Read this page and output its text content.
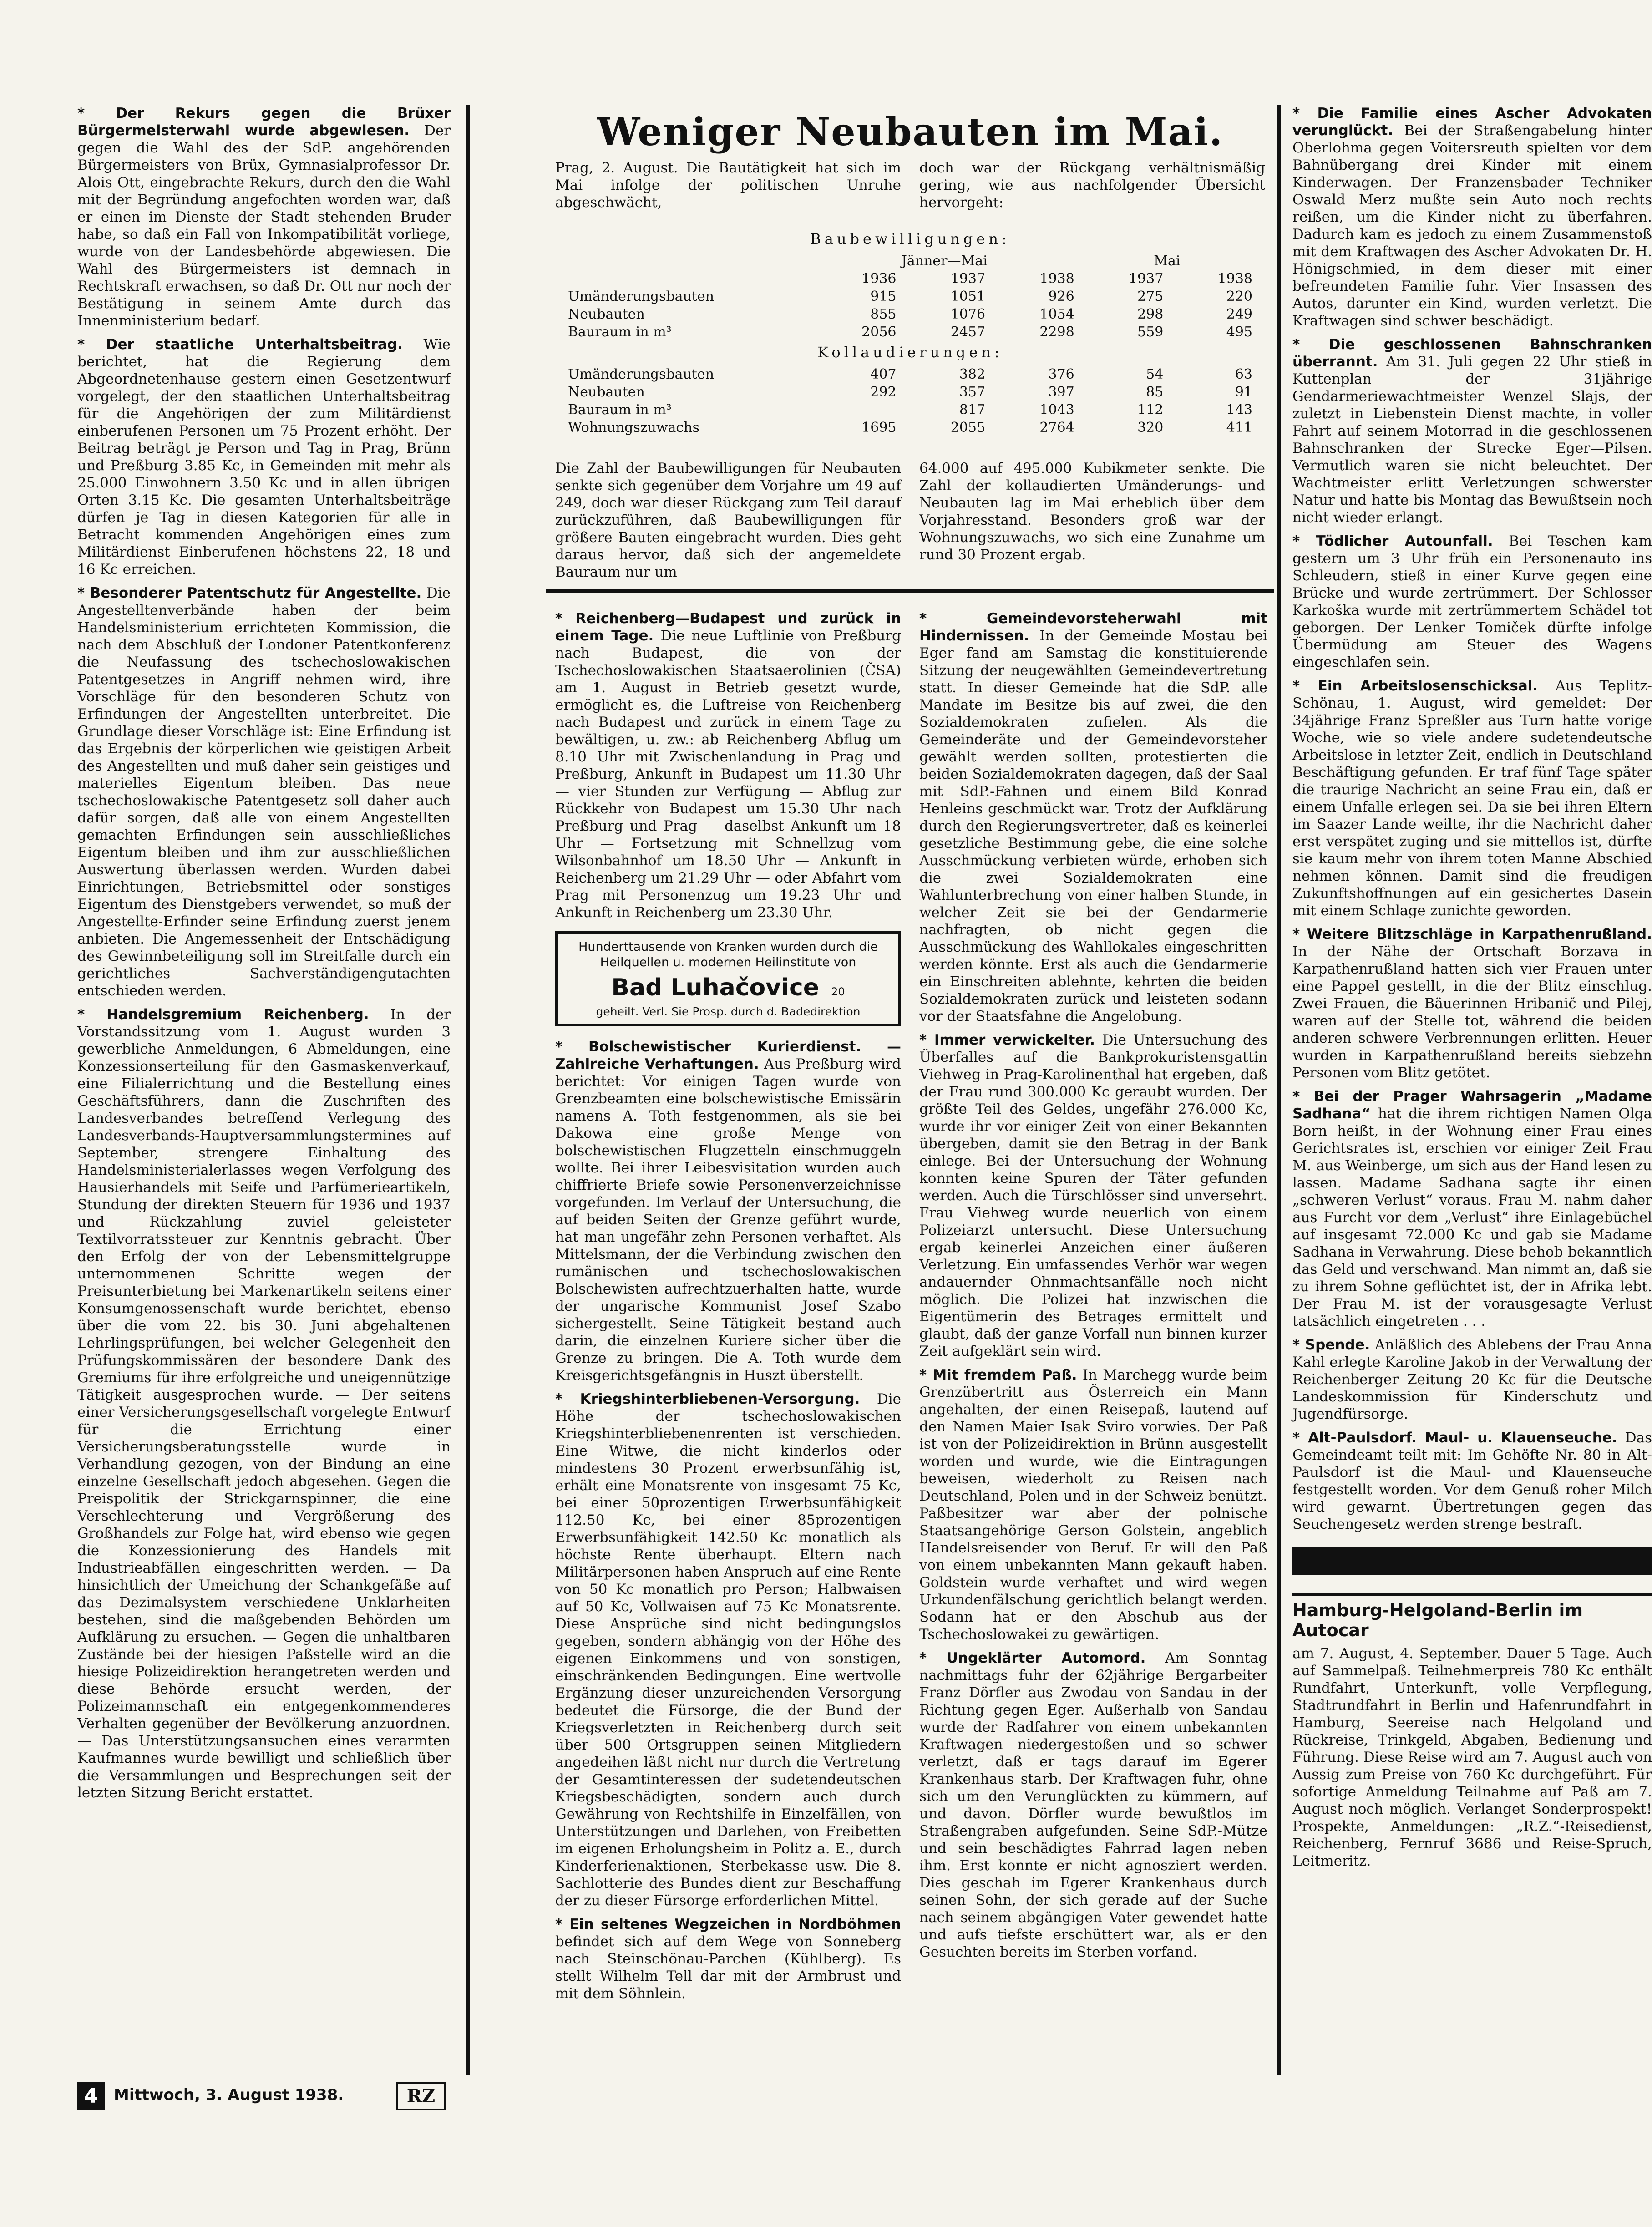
* Der Rekurs gegen die Brüxer Bürgermeisterwahl wurde abgewiesen. Der gegen die Wahl des der SdP. angehörenden Bürgermeisters von Brüx, Gymnasialprofessor Dr. Alois Ott, eingebrachte Rekurs, durch den die Wahl mit der Begründung angefochten worden war, daß er einen im Dienste der Stadt stehenden Bruder habe, so daß ein Fall von Inkompatibilität vorliege, wurde von der Landesbehörde abgewiesen. Die Wahl des Bürgermeisters ist demnach in Rechtskraft erwachsen, so daß Dr. Ott nur noch der Bestätigung in seinem Amte durch das Innenministerium bedarf.

* Der staatliche Unterhaltsbeitrag. Wie berichtet, hat die Regierung dem Abgeordnetenhause gestern einen Gesetzentwurf vorgelegt, der den staatlichen Unterhaltsbeitrag für die Angehörigen der zum Militärdienst einberufenen Personen um 75 Prozent erhöht. Der Beitrag beträgt je Person und Tag in Prag, Brünn und Preßburg 3.85 Kc, in Gemeinden mit mehr als 25.000 Einwohnern 3.50 Kc und in allen übrigen Orten 3.15 Kc. Die gesamten Unterhaltsbeiträge dürfen je Tag in diesen Kategorien für alle in Betracht kommenden Angehörigen eines zum Militärdienst Einberufenen höchstens 22, 18 und 16 Kc erreichen.

* Besonderer Patentschutz für Angestellte. Die Angestelltenverbände haben der beim Handelsministerium errichteten Kommission, die nach dem Abschluß der Londoner Patentkonferenz die Neufassung des tschechoslowakischen Patentgesetzes in Angriff nehmen wird, ihre Vorschläge für den besonderen Schutz von Erfindungen der Angestellten unterbreitet. Die Grundlage dieser Vorschläge ist: Eine Erfindung ist das Ergebnis der körperlichen wie geistigen Arbeit des Angestellten und muß daher sein geistiges und materielles Eigentum bleiben. Das neue tschechoslowakische Patentgesetz soll daher auch dafür sorgen, daß alle von einem Angestellten gemachten Erfindungen sein ausschließliches Eigentum bleiben und ihm zur ausschließlichen Auswertung überlassen werden. Wurden dabei Einrichtungen, Betriebsmittel oder sonstiges Eigentum des Dienstgebers verwendet, so muß der Angestellte-Erfinder seine Erfindung zuerst jenem anbieten. Die Angemessenheit der Entschädigung des Gewinnbeteiligung soll im Streitfalle durch ein gerichtliches Sachverständigengutachten entschieden werden.

* Handelsgremium Reichenberg. In der Vorstandssitzung vom 1. August wurden 3 gewerbliche Anmeldungen, 6 Abmeldungen, eine Konzessionserteilung für den Gasmaskenverkauf, eine Filialerrichtung und die Bestellung eines Geschäftsführers, dann die Zuschriften des Landesverbandes betreffend Verlegung des Landesverbands-Hauptversammlungstermines auf September, strengere Einhaltung des Handelsministerialerlasses wegen Verfolgung des Hausierhandels mit Seife und Parfümerieartikeln, Stundung der direkten Steuern für 1936 und 1937 und Rückzahlung zuviel geleisteter Textilvorratssteuer zur Kenntnis gebracht. Über den Erfolg der von der Lebensmittelgruppe unternommenen Schritte wegen der Preisunterbietung bei Markenartikeln seitens einer Konsumgenossenschaft wurde berichtet, ebenso über die vom 22. bis 30. Juni abgehaltenen Lehrlingsprüfungen, bei welcher Gelegenheit den Prüfungskommissären der besondere Dank des Gremiums für ihre erfolgreiche und uneigennützige Tätigkeit ausgesprochen wurde. — Der seitens einer Versicherungsgesellschaft vorgelegte Entwurf für die Errichtung einer Versicherungsberatungsstelle wurde in Verhandlung gezogen, von der Bindung an eine einzelne Gesellschaft jedoch abgesehen. Gegen die Preispolitik der Strickgarnspinner, die eine Verschlechterung und Vergrößerung des Großhandels zur Folge hat, wird ebenso wie gegen die Konzessionierung des Handels mit Industrieabfällen eingeschritten werden. — Da hinsichtlich der Umeichung der Schankgefäße auf das Dezimalsystem verschiedene Unklarheiten bestehen, sind die maßgebenden Behörden um Aufklärung zu ersuchen. — Gegen die unhaltbaren Zustände bei der hiesigen Paßstelle wird an die hiesige Polizeidirektion herangetreten werden und diese Behörde ersucht werden, der Polizeimannschaft ein entgegenkommenderes Verhalten gegenüber der Bevölkerung anzuordnen. — Das Unterstützungsansuchen eines verarmten Kaufmannes wurde bewilligt und schließlich über die Versammlungen und Besprechungen seit der letzten Sitzung Bericht erstattet.

Weniger Neubauten im Mai.

Prag, 2. August. Die Bautätigkeit hat sich im Mai infolge der politischen Unruhe abgeschwächt,

doch war der Rückgang verhältnismäßig gering, wie aus nachfolgender Übersicht hervorgeht:

Baubewilligungen:
	Jänner—Mai			Mai	
	1936	1937	1938	1937	1938
Umänderungsbauten	915	1051	926	275	220
Neubauten	855	1076	1054	298	249
Bauraum in m³	2056	2457	2298	559	495
Kollaudierungen:
Umänderungsbauten	407	382	376	54	63
Neubauten	292	357	397	85	91
Bauraum in m³		817	1043	112	143
Wohnungszuwachs	1695	2055	2764	320	411

Die Zahl der Baubewilligungen für Neubauten senkte sich gegenüber dem Vorjahre um 49 auf 249, doch war dieser Rückgang zum Teil darauf zurückzuführen, daß Baubewilligungen für größere Bauten eingebracht wurden. Dies geht daraus hervor, daß sich der angemeldete Bauraum nur um

64.000 auf 495.000 Kubikmeter senkte. Die Zahl der kollaudierten Umänderungs- und Neubauten lag im Mai erheblich über dem Vorjahresstand. Besonders groß war der Wohnungszuwachs, wo sich eine Zunahme um rund 30 Prozent ergab.

* Reichenberg—Budapest und zurück in einem Tage. Die neue Luftlinie von Preßburg nach Budapest, die von der Tschechoslowakischen Staatsaerolinien (ČSA) am 1. August in Betrieb gesetzt wurde, ermöglicht es, die Luftreise von Reichenberg nach Budapest und zurück in einem Tage zu bewältigen, u. zw.: ab Reichenberg Abflug um 8.10 Uhr mit Zwischenlandung in Prag und Preßburg, Ankunft in Budapest um 11.30 Uhr — vier Stunden zur Verfügung — Abflug zur Rückkehr von Budapest um 15.30 Uhr nach Preßburg und Prag — daselbst Ankunft um 18 Uhr — Fortsetzung mit Schnellzug vom Wilsonbahnhof um 18.50 Uhr — Ankunft in Reichenberg um 21.29 Uhr — oder Abfahrt vom Prag mit Personenzug um 19.23 Uhr und Ankunft in Reichenberg um 23.30 Uhr.

Hunderttausende von Kranken wurden durch die Heilquellen u. modernen Heilinstitute von
Bad Luhačovice 20
geheilt. Verl. Sie Prosp. durch d. Badedirektion

* Bolschewistischer Kurierdienst. — Zahlreiche Verhaftungen. Aus Preßburg wird berichtet: Vor einigen Tagen wurde von Grenzbeamten eine bolschewistische Emissärin namens A. Toth festgenommen, als sie bei Dakowa eine große Menge von bolschewistischen Flugzetteln einschmuggeln wollte. Bei ihrer Leibesvisitation wurden auch chiffrierte Briefe sowie Personenverzeichnisse vorgefunden. Im Verlauf der Untersuchung, die auf beiden Seiten der Grenze geführt wurde, hat man ungefähr zehn Personen verhaftet. Als Mittelsmann, der die Verbindung zwischen den rumänischen und tschechoslowakischen Bolschewisten aufrechtzuerhalten hatte, wurde der ungarische Kommunist Josef Szabo sichergestellt. Seine Tätigkeit bestand auch darin, die einzelnen Kuriere sicher über die Grenze zu bringen. Die A. Toth wurde dem Kreisgerichtsgefängnis in Huszt überstellt.

* Kriegshinterbliebenen-Versorgung. Die Höhe der tschechoslowakischen Kriegshinterbliebenenrenten ist verschieden. Eine Witwe, die nicht kinderlos oder mindestens 30 Prozent erwerbsunfähig ist, erhält eine Monatsrente von insgesamt 75 Kc, bei einer 50prozentigen Erwerbsunfähigkeit 112.50 Kc, bei einer 85prozentigen Erwerbsunfähigkeit 142.50 Kc monatlich als höchste Rente überhaupt. Eltern nach Militärpersonen haben Anspruch auf eine Rente von 50 Kc monatlich pro Person; Halbwaisen auf 50 Kc, Vollwaisen auf 75 Kc Monatsrente. Diese Ansprüche sind nicht bedingungslos gegeben, sondern abhängig von der Höhe des eigenen Einkommens und von sonstigen, einschränkenden Bedingungen. Eine wertvolle Ergänzung dieser unzureichenden Versorgung bedeutet die Fürsorge, die der Bund der Kriegsverletzten in Reichenberg durch seit über 500 Ortsgruppen seinen Mitgliedern angedeihen läßt nicht nur durch die Vertretung der Gesamtinteressen der sudetendeutschen Kriegsbeschädigten, sondern auch durch Gewährung von Rechtshilfe in Einzelfällen, von Unterstützungen und Darlehen, von Freibetten im eigenen Erholungsheim in Politz a. E., durch Kinderferienaktionen, Sterbekasse usw. Die 8. Sachlotterie des Bundes dient zur Beschaffung der zu dieser Fürsorge erforderlichen Mittel.

* Ein seltenes Wegzeichen in Nordböhmen befindet sich auf dem Wege von Sonneberg nach Steinschönau-Parchen (Kühlberg). Es stellt Wilhelm Tell dar mit der Armbrust und mit dem Söhnlein.

* Gemeindevorsteherwahl mit Hindernissen. In der Gemeinde Mostau bei Eger fand am Samstag die konstituierende Sitzung der neugewählten Gemeindevertretung statt. In dieser Gemeinde hat die SdP. alle Mandate im Besitze bis auf zwei, die den Sozialdemokraten zufielen. Als die Gemeinderäte und der Gemeindevorsteher gewählt werden sollten, protestierten die beiden Sozialdemokraten dagegen, daß der Saal mit SdP.-Fahnen und einem Bild Konrad Henleins geschmückt war. Trotz der Aufklärung durch den Regierungsvertreter, daß es keinerlei gesetzliche Bestimmung gebe, die eine solche Ausschmückung verbieten würde, erhoben sich die zwei Sozialdemokraten eine Wahlunterbrechung von einer halben Stunde, in welcher Zeit sie bei der Gendarmerie nachfragten, ob nicht gegen die Ausschmückung des Wahllokales eingeschritten werden könnte. Erst als auch die Gendarmerie ein Einschreiten ablehnte, kehrten die beiden Sozialdemokraten zurück und leisteten sodann vor der Staatsfahne die Angelobung.

* Immer verwickelter. Die Untersuchung des Überfalles auf die Bankprokuristensgattin Viehweg in Prag-Karolinenthal hat ergeben, daß der Frau rund 300.000 Kc geraubt wurden. Der größte Teil des Geldes, ungefähr 276.000 Kc, wurde ihr vor einiger Zeit von einer Bekannten übergeben, damit sie den Betrag in der Bank einlege. Bei der Untersuchung der Wohnung konnten keine Spuren der Täter gefunden werden. Auch die Türschlösser sind unversehrt. Frau Viehweg wurde neuerlich von einem Polizeiarzt untersucht. Diese Untersuchung ergab keinerlei Anzeichen einer äußeren Verletzung. Ein umfassendes Verhör war wegen andauernder Ohnmachtsanfälle noch nicht möglich. Die Polizei hat inzwischen die Eigentümerin des Betrages ermittelt und glaubt, daß der ganze Vorfall nun binnen kurzer Zeit aufgeklärt sein wird.

* Mit fremdem Paß. In Marchegg wurde beim Grenzübertritt aus Österreich ein Mann angehalten, der einen Reisepaß, lautend auf den Namen Maier Isak Sviro vorwies. Der Paß ist von der Polizeidirektion in Brünn ausgestellt worden und wurde, wie die Eintragungen beweisen, wiederholt zu Reisen nach Deutschland, Polen und in der Schweiz benützt. Paßbesitzer war aber der polnische Staatsangehörige Gerson Golstein, angeblich Handelsreisender von Beruf. Er will den Paß von einem unbekannten Mann gekauft haben. Goldstein wurde verhaftet und wird wegen Urkundenfälschung gerichtlich belangt werden. Sodann hat er den Abschub aus der Tschechoslowakei zu gewärtigen.

* Ungeklärter Automord. Am Sonntag nachmittags fuhr der 62jährige Bergarbeiter Franz Dörfler aus Zwodau von Sandau in der Richtung gegen Eger. Außerhalb von Sandau wurde der Radfahrer von einem unbekannten Kraftwagen niedergestoßen und so schwer verletzt, daß er tags darauf im Egerer Krankenhaus starb. Der Kraftwagen fuhr, ohne sich um den Verunglückten zu kümmern, auf und davon. Dörfler wurde bewußtlos im Straßengraben aufgefunden. Seine SdP.-Mütze und sein beschädigtes Fahrrad lagen neben ihm. Erst konnte er nicht agnosziert werden. Dies geschah im Egerer Krankenhaus durch seinen Sohn, der sich gerade auf der Suche nach seinem abgängigen Vater gewendet hatte und aufs tiefste erschüttert war, als er den Gesuchten bereits im Sterben vorfand.

* Die Familie eines Ascher Advokaten verunglückt. Bei der Straßengabelung hinter Oberlohma gegen Voitersreuth spielten vor dem Bahnübergang drei Kinder mit einem Kinderwagen. Der Franzensbader Techniker Oswald Merz mußte sein Auto noch rechts reißen, um die Kinder nicht zu überfahren. Dadurch kam es jedoch zu einem Zusammenstoß mit dem Kraftwagen des Ascher Advokaten Dr. H. Hönigschmied, in dem dieser mit einer befreundeten Familie fuhr. Vier Insassen des Autos, darunter ein Kind, wurden verletzt. Die Kraftwagen sind schwer beschädigt.

* Die geschlossenen Bahnschranken überrannt. Am 31. Juli gegen 22 Uhr stieß in Kuttenplan der 31jährige Gendarmeriewachtmeister Wenzel Slajs, der zuletzt in Liebenstein Dienst machte, in voller Fahrt auf seinem Motorrad in die geschlossenen Bahnschranken der Strecke Eger—Pilsen. Vermutlich waren sie nicht beleuchtet. Der Wachtmeister erlitt Verletzungen schwerster Natur und hatte bis Montag das Bewußtsein noch nicht wieder erlangt.

* Tödlicher Autounfall. Bei Teschen kam gestern um 3 Uhr früh ein Personenauto ins Schleudern, stieß in einer Kurve gegen eine Brücke und wurde zertrümmert. Der Schlosser Karkoška wurde mit zertrümmertem Schädel tot geborgen. Der Lenker Tomiček dürfte infolge Übermüdung am Steuer des Wagens eingeschlafen sein.

* Ein Arbeitslosenschicksal. Aus Teplitz-Schönau, 1. August, wird gemeldet: Der 34jährige Franz Spreßler aus Turn hatte vorige Woche, wie so viele andere sudetendeutsche Arbeitslose in letzter Zeit, endlich in Deutschland Beschäftigung gefunden. Er traf fünf Tage später die traurige Nachricht an seine Frau ein, daß er einem Unfalle erlegen sei. Da sie bei ihren Eltern im Saazer Lande weilte, ihr die Nachricht daher erst verspätet zuging und sie mittellos ist, dürfte sie kaum mehr von ihrem toten Manne Abschied nehmen können. Damit sind die freudigen Zukunftshoffnungen auf ein gesichertes Dasein mit einem Schlage zunichte geworden.

* Weitere Blitzschläge in Karpathenrußland. In der Nähe der Ortschaft Borzava in Karpathenrußland hatten sich vier Frauen unter eine Pappel gestellt, in die der Blitz einschlug. Zwei Frauen, die Bäuerinnen Hribanič und Pilej, waren auf der Stelle tot, während die beiden anderen schwere Verbrennungen erlitten. Heuer wurden in Karpathenrußland bereits siebzehn Personen vom Blitz getötet.

* Bei der Prager Wahrsagerin „Madame Sadhana“ hat die ihrem richtigen Namen Olga Born heißt, in der Wohnung einer Frau eines Gerichtsrates ist, erschien vor einiger Zeit Frau M. aus Weinberge, um sich aus der Hand lesen zu lassen. Madame Sadhana sagte ihr einen „schweren Verlust“ voraus. Frau M. nahm daher aus Furcht vor dem „Verlust“ ihre Einlagebüchel auf insgesamt 72.000 Kc und gab sie Madame Sadhana in Verwahrung. Diese behob bekanntlich das Geld und verschwand. Man nimmt an, daß sie zu ihrem Sohne geflüchtet ist, der in Afrika lebt. Der Frau M. ist der vorausgesagte Verlust tatsächlich eingetreten . . .

* Spende. Anläßlich des Ablebens der Frau Anna Kahl erlegte Karoline Jakob in der Verwaltung der Reichenberger Zeitung 20 Kc für die Deutsche Landeskommission für Kinderschutz und Jugendfürsorge.

* Alt-Paulsdorf. Maul- u. Klauenseuche. Das Gemeindeamt teilt mit: Im Gehöfte Nr. 80 in Alt-Paulsdorf ist die Maul- und Klauenseuche festgestellt worden. Vor dem Genuß roher Milch wird gewarnt. Übertretungen gegen das Seuchengesetz werden strenge bestraft.

Hamburg-Helgoland-Berlin im Autocar

am 7. August, 4. September. Dauer 5 Tage. Auch auf Sammelpaß. Teilnehmerpreis 780 Kc enthält Rundfahrt, Unterkunft, volle Verpflegung, Stadtrundfahrt in Berlin und Hafenrundfahrt in Hamburg, Seereise nach Helgoland und Rückreise, Trinkgeld, Abgaben, Bedienung und Führung. Diese Reise wird am 7. August auch von Aussig zum Preise von 760 Kc durchgeführt. Für sofortige Anmeldung Teilnahme auf Paß am 7. August noch möglich. Verlanget Sonderprospekt! Prospekte, Anmeldungen: „R.Z.“-Reisedienst, Reichenberg, Fernruf 3686 und Reise-Spruch, Leitmeritz.

4	Mittwoch, 3. August 1938.	RZ
